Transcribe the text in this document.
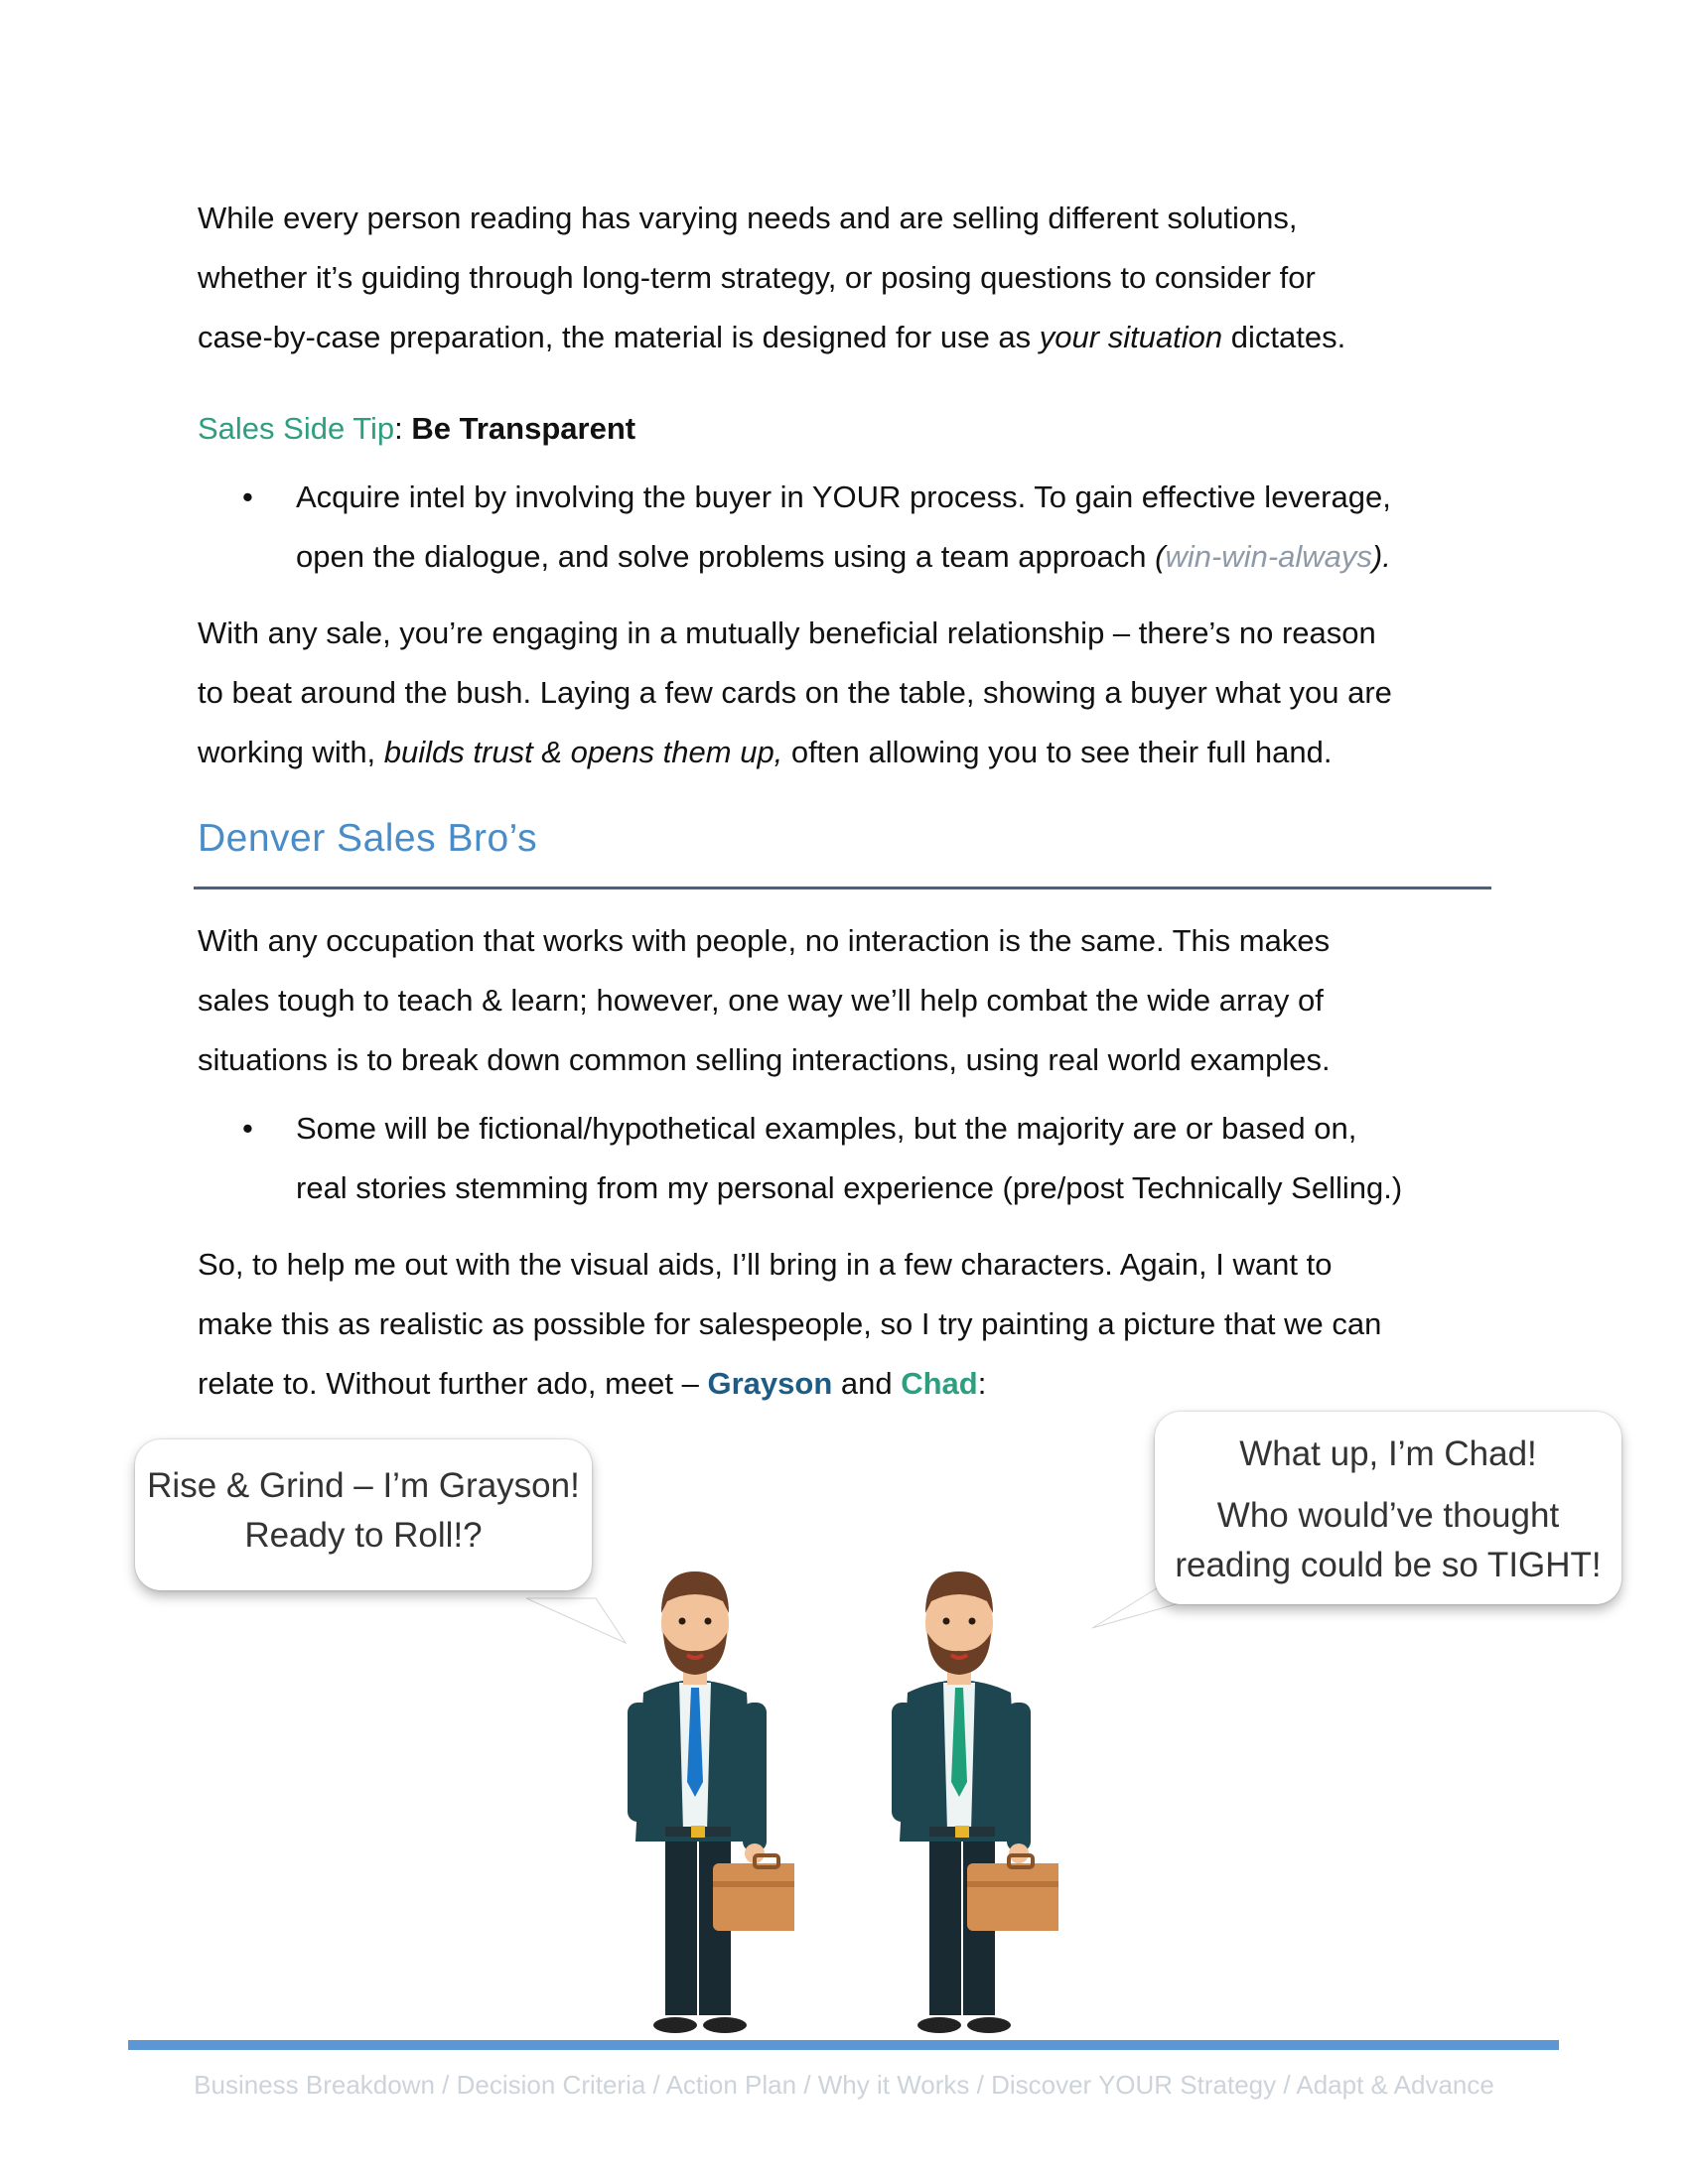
While every person reading has varying needs and are selling different solutions,

whether it’s guiding through long-term strategy, or posing questions to consider for

case-by-case preparation, the material is designed for use as your situation dictates.

Sales Side Tip: Be Transparent

• Acquire intel by involving the buyer in YOUR process. To gain effective leverage,

open the dialogue, and solve problems using a team approach (win-win-always).

With any sale, you’re engaging in a mutually beneficial relationship – there’s no reason

to beat around the bush. Laying a few cards on the table, showing a buyer what you are

working with, builds trust & opens them up, often allowing you to see their full hand.

Denver Sales Bro’s

With any occupation that works with people, no interaction is the same. This makes

sales tough to teach & learn; however, one way we’ll help combat the wide array of

situations is to break down common selling interactions, using real world examples.

• Some will be fictional/hypothetical examples, but the majority are or based on,

real stories stemming from my personal experience (pre/post Technically Selling.)

So, to help me out with the visual aids, I’ll bring in a few characters. Again, I want to

make this as realistic as possible for salespeople, so I try painting a picture that we can

relate to. Without further ado, meet – Grayson and Chad:

Rise & Grind – I’m Grayson!
Ready to Roll!?
What up, I’m Chad!
Who would’ve thought
reading could be so TIGHT!
Business Breakdown / Decision Criteria / Action Plan / Why it Works / Discover YOUR Strategy / Adapt & Advance
